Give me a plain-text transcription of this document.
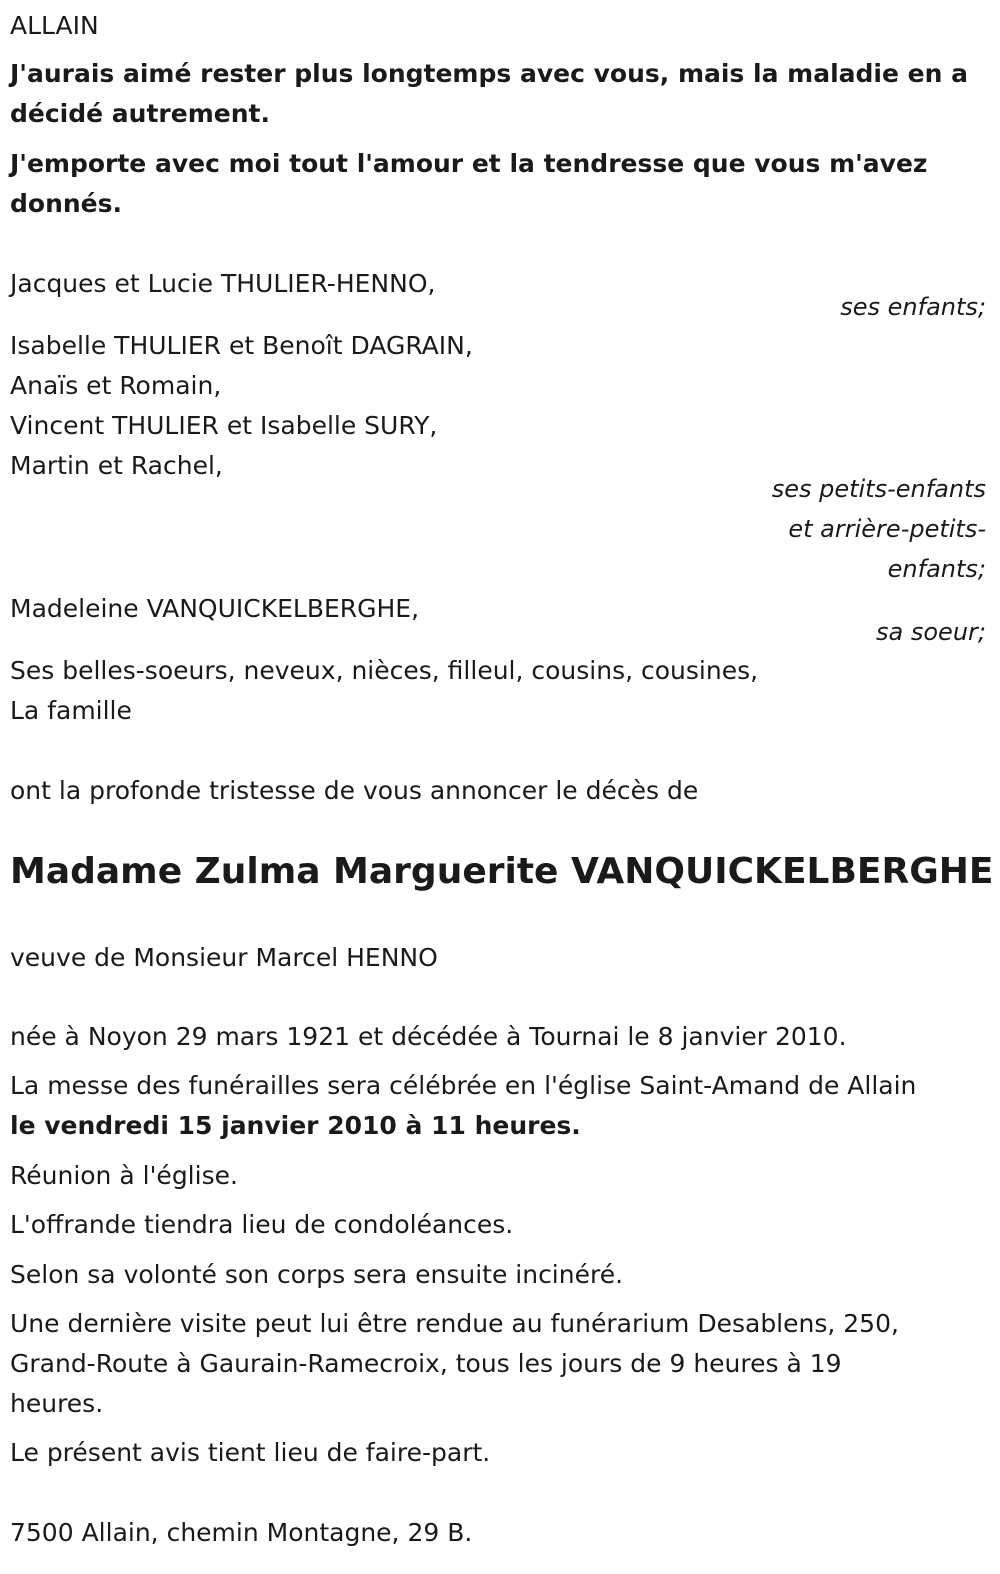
ALLAIN
J'aurais aimé rester plus longtemps avec vous, mais la maladie en a
décidé autrement.
J'emporte avec moi tout l'amour et la tendresse que vous m'avez
donnés.
Jacques et Lucie THULIER-HENNO,
ses enfants;
Isabelle THULIER et Benoît DAGRAIN,
Anaïs et Romain,
Vincent THULIER et Isabelle SURY,
Martin et Rachel,
ses petits-enfants
et arrière-petits-
enfants;
Madeleine VANQUICKELBERGHE,
sa soeur;
Ses belles-soeurs, neveux, nièces, filleul, cousins, cousines,
La famille
ont la profonde tristesse de vous annoncer le décès de
Madame Zulma Marguerite VANQUICKELBERGHE
veuve de Monsieur Marcel HENNO
née à Noyon 29 mars 1921 et décédée à Tournai le 8 janvier 2010.
La messe des funérailles sera célébrée en l'église Saint-Amand de Allain
le vendredi 15 janvier 2010 à 11 heures.
Réunion à l'église.
L'offrande tiendra lieu de condoléances.
Selon sa volonté son corps sera ensuite incinéré.
Une dernière visite peut lui être rendue au funérarium Desablens, 250,
Grand-Route à Gaurain-Ramecroix, tous les jours de 9 heures à 19
heures.
Le présent avis tient lieu de faire-part.
7500 Allain, chemin Montagne, 29 B.
